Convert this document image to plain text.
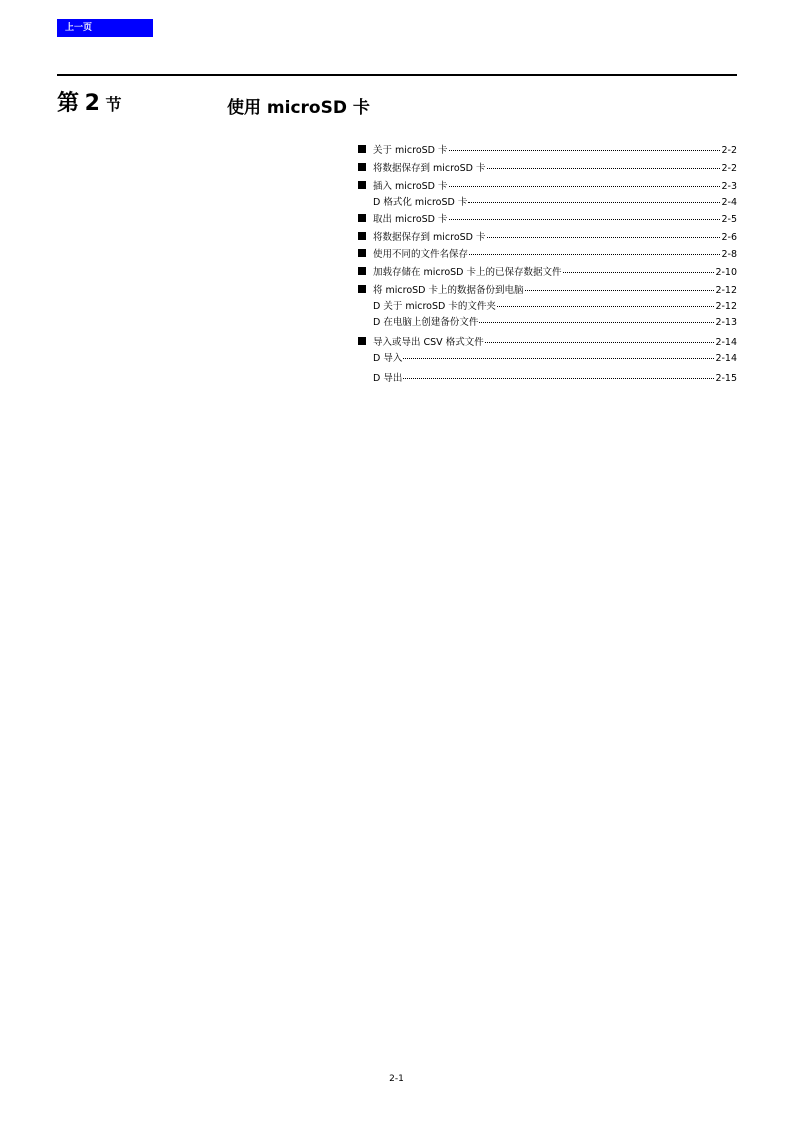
上一页
第 2 节	使用 microSD 卡
关于 microSD 卡	2-2
将数据保存到 microSD 卡	2-2
插入 microSD 卡	2-3
D 格式化 microSD 卡	2-4
取出 microSD 卡	2-5
将数据保存到 microSD 卡	2-6
使用不同的文件名保存	2-8
加载存储在 microSD 卡上的已保存数据文件	2-10
将 microSD 卡上的数据备份到电脑	2-12
D 关于 microSD 卡的文件夹	2-12
D 在电脑上创建备份文件	2-13
导入或导出 CSV 格式文件	2-14
D 导入	2-14
D 导出	2-15
2-1
